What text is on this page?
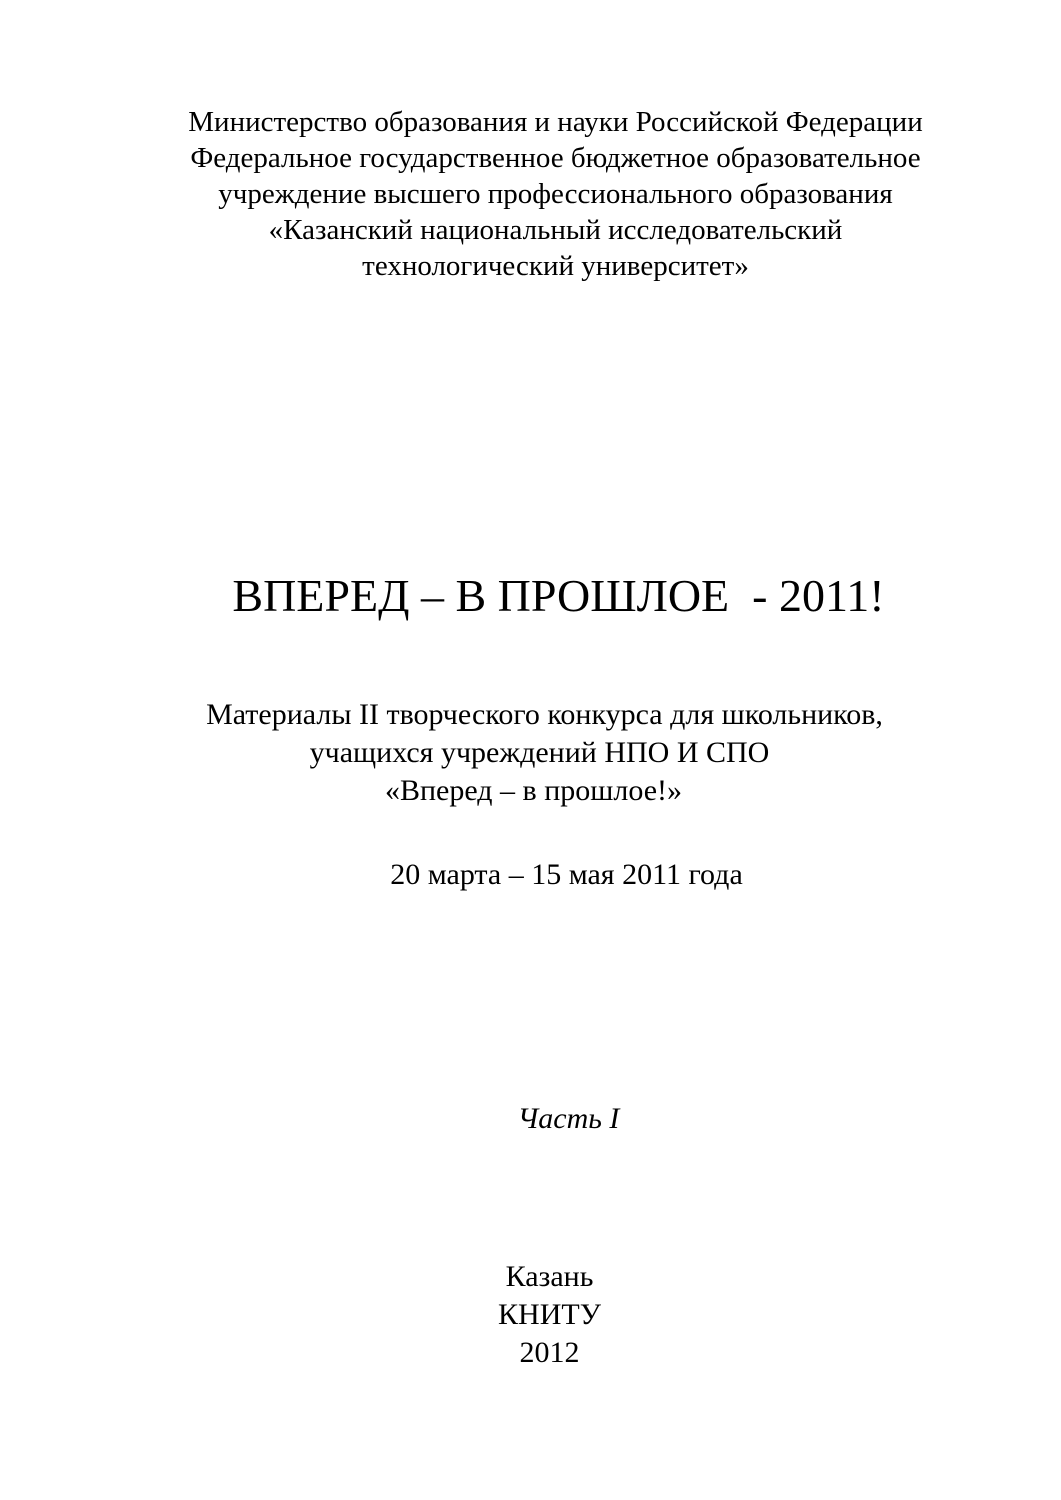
Министерство образования и науки Российской Федерации
Федеральное государственное бюджетное образовательное
учреждение высшего профессионального образования
«Казанский национальный исследовательский
технологический университет»
ВПЕРЕД – В ПРОШЛОЕ  - 2011!
Материалы II творческого конкурса для школьников,
учащихся учреждений НПО И СПО
«Вперед – в прошлое!»
20 марта – 15 мая 2011 года
Часть I
Казань
КНИТУ
2012
